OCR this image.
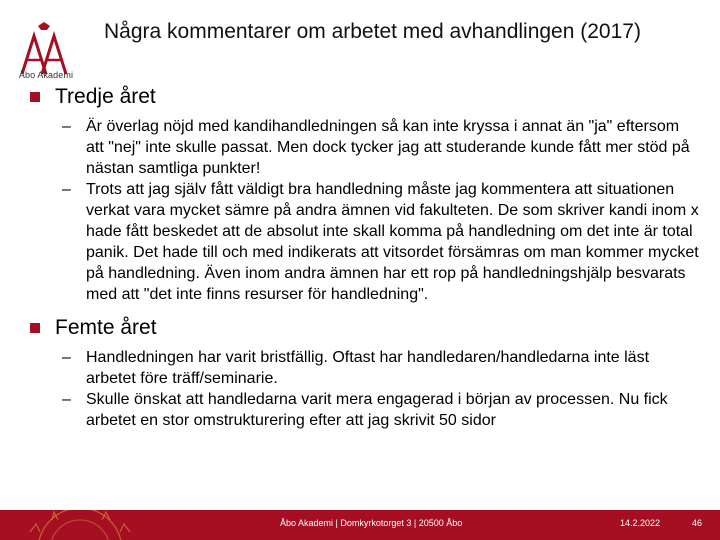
Åbo Akademi
Några kommentarer om arbetet med avhandlingen (2017)
Tredje året
– Är överlag nöjd med kandihandledningen så kan inte kryssa i annat än "ja" eftersom att "nej" inte skulle passat. Men dock tycker jag att studerande kunde fått mer stöd på nästan samtliga punkter!
– Trots att jag själv fått väldigt bra handledning måste jag kommentera att situationen verkat vara mycket sämre på andra ämnen vid fakulteten. De som skriver kandi inom x hade fått beskedet att de absolut inte skall komma på handledning om det inte är total panik. Det hade till och med indikerats att vitsordet försämras om man kommer mycket på handledning. Även inom andra ämnen har ett rop på handledningshjälp besvarats med att "det inte finns resurser för handledning".
Femte året
– Handledningen har varit bristfällig. Oftast har handledaren/handledarna inte läst arbetet före träff/seminarie.
– Skulle önskat att handledarna varit mera engagerad i början av processen. Nu fick arbetet en stor omstrukturering efter att jag skrivit 50 sidor
Åbo Akademi | Domkyrkotorget 3 | 20500 Åbo	14.2.2022	46
